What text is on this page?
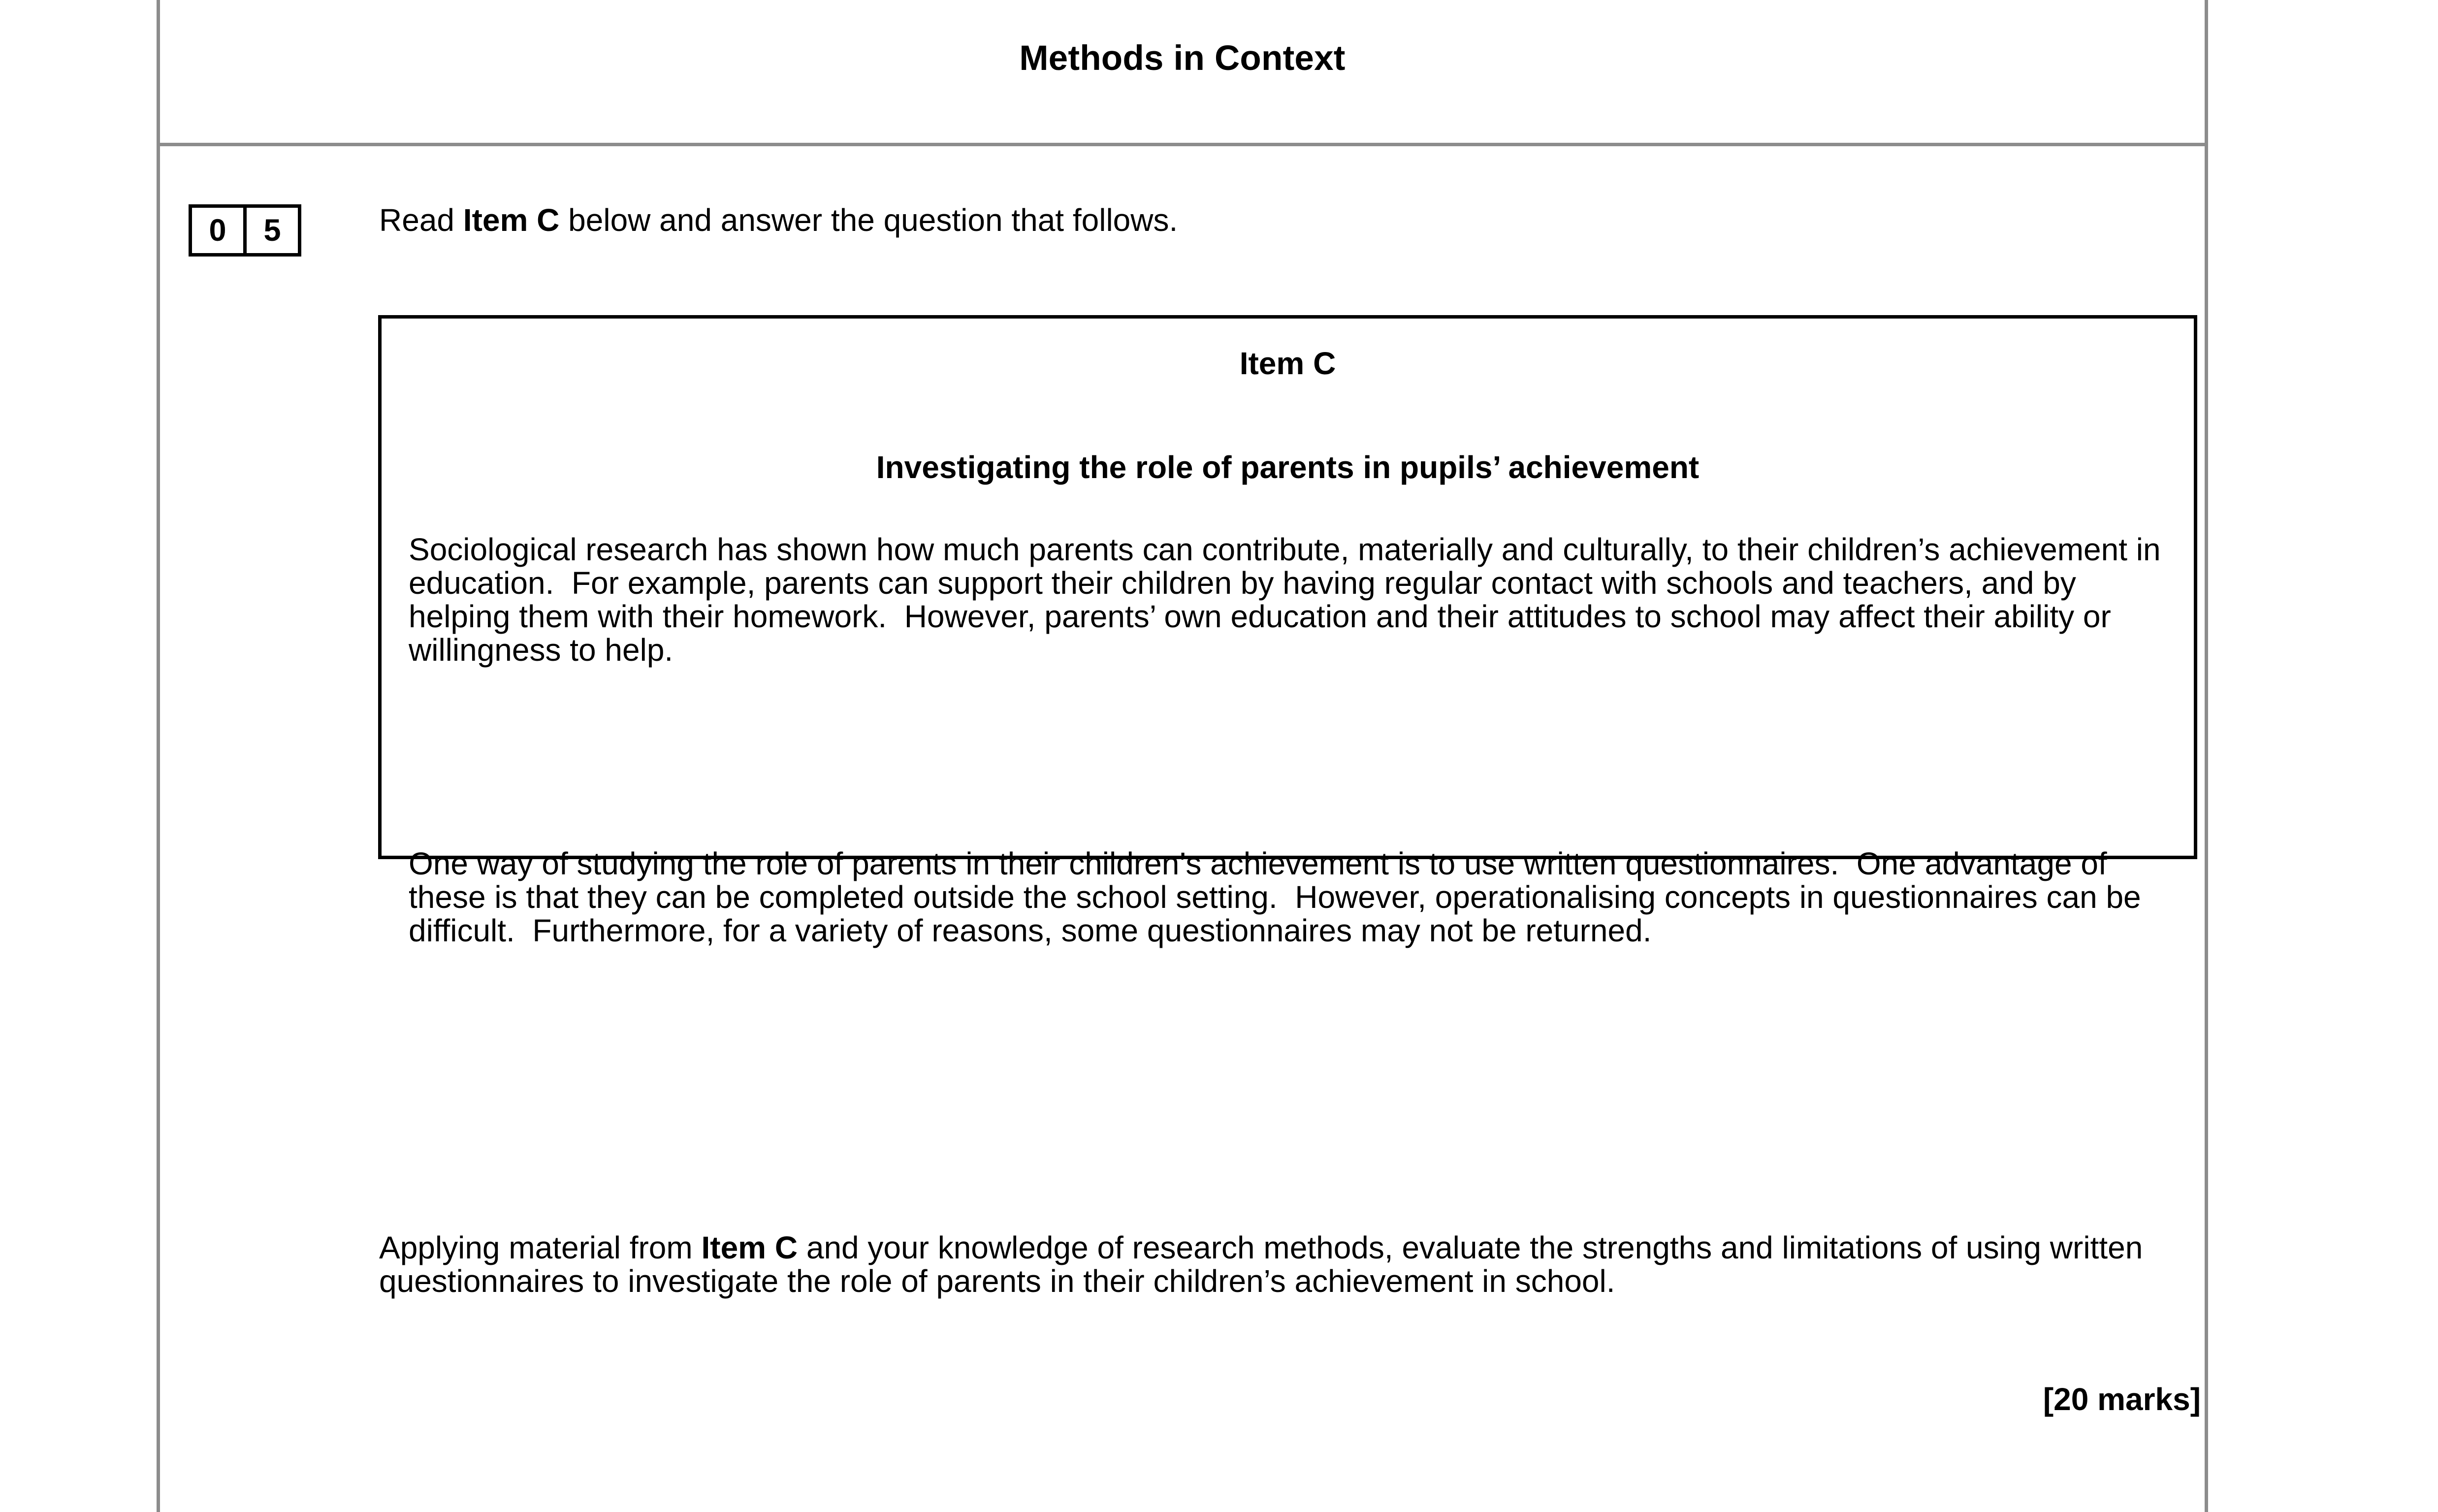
Methods in Context
0	5	Read Item C below and answer the question that follows.
Item C
Investigating the role of parents in pupils’ achievement
Sociological research has shown how much parents can contribute, materially and culturally, to their children’s achievement in education.  For example, parents can support their children by having regular contact with schools and teachers, and by helping them with their homework.  However, parents’ own education and their attitudes to school may affect their ability or willingness to help.
One way of studying the role of parents in their children’s achievement is to use written questionnaires.  One advantage of these is that they can be completed outside the school setting.  However, operationalising concepts in questionnaires can be difficult.  Furthermore, for a variety of reasons, some questionnaires may not be returned.
Applying material from Item C and your knowledge of research methods, evaluate the strengths and limitations of using written questionnaires to investigate the role of parents in their children’s achievement in school.
[20 marks]
